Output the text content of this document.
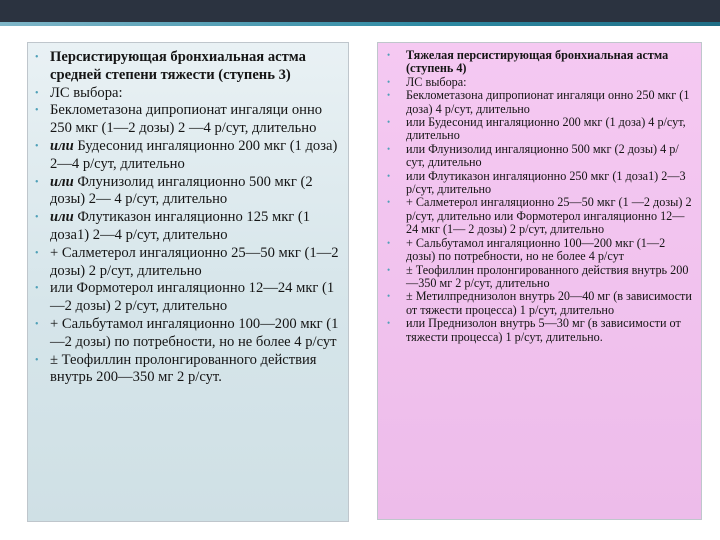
• Персистирующая бронхиальная астма средней степени тяжести (ступень 3)
• ЛС выбора:
• Беклометазона дипропионат ингаляци онно 250 мкг (1—2 дозы) 2 —4 р/сут, длительно
• или Будесонид ингаляционно 200 мкг (1 доза) 2—4 р/сут, длительно
• или Флунизолид ингаляционно 500 мкг (2 дозы) 2— 4 р/сут, длительно
• или Флутиказон ингаляционно 125 мкг (1 доза1) 2—4 р/сут, длительно
• + Салметерол ингаляционно 25—50 мкг (1—2 дозы) 2 р/сут, длительно
• или Формотерол ингаляционно 12—24 мкг (1—2 дозы) 2 р/сут, длительно
• + Сальбутамол ингаляционно 100—200 мкг (1—2 дозы) по потребности, но не более 4 р/сут
• ± Теофиллин пролонгированного действия внутрь 200—350 мг 2 р/сут.
• Тяжелая персистирующая бронхиальная астма (ступень 4)
• ЛС выбора:
• Беклометазона дипропионат ингаляци онно 250 мкг (1 доза) 4 р/сут, длительно
• или Будесонид ингаляционно 200 мкг (1 доза) 4 р/сут, длительно
• или Флунизолид ингаляционно 500 мкг (2 дозы) 4 р/сут, длительно
• или Флутиказон ингаляционно 250 мкг (1 доза1) 2—3 р/сут, длительно
• + Салметерол ингаляционно 25—50 мкг (1 —2 дозы) 2 р/сут, длительно или Формотерол ингаляционно 12—24 мкг (1— 2 дозы) 2 р/сут, длительно
• + Сальбутамол ингаляционно 100—200 мкг (1—2 дозы) по потребности, но не более 4 р/сут
• ± Теофиллин пролонгированного действия внутрь 200—350 мг 2 р/сут, длительно
• ± Метилпреднизолон внутрь 20—40 мг (в зависимости от тяжести процесса) 1 р/сут, длительно
• или Преднизолон внутрь 5—30 мг (в зависимости от тяжести процесса) 1 р/сут, длительно.
